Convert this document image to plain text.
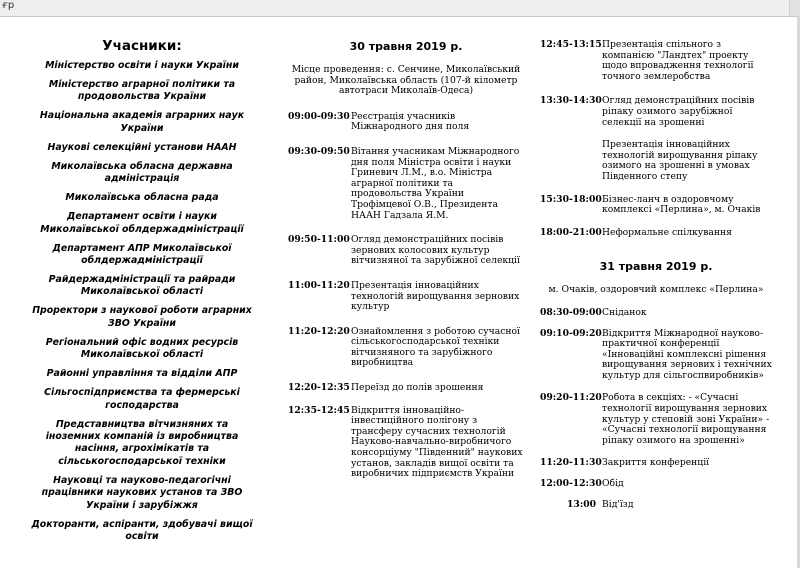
ғр
Учасники:
Міністерство освіти і науки України
Міністерство аграрної політики та продовольства України
Національна академія аграрних наук України
Наукові селекційні установи НААН
Миколаївська обласна державна адміністрація
Миколаївська обласна рада
Департамент освіти і науки Миколаївської облдержадміністрації
Департамент АПР Миколаївської облдержадміністрації
Райдержадміністрації та райради Миколаївської області
Проректори з наукової роботи аграрних ЗВО України
Регіональний офіс водних ресурсів Миколаївської області
Районні управління та відділи АПР
Сільгоспідприємства та фермерські господарства
Представництва вітчизняних та іноземних компаній із виробництва насіння, агрохімікатів та сільськогосподарської техніки
Науковці та науково-педагогічні працівники наукових установ та ЗВО України і зарубіжжя
Докторанти, аспіранти, здобувачі вищої освіти
30 травня 2019 р.
Місце проведення: с. Сенчине, Миколаївський район, Миколаївська область (107-й кілометр автотраси Миколаїв-Одеса)
09:00-09:30 Реєстрація учасників Міжнародного дня поля
09:30-09:50 Вітання учасникам Міжнародного дня поля Міністра освіти і науки Гриневич Л.М., в.о. Міністра аграрної політики та продовольства України Трофімцевої О.В., Президента НААН Гадзала Я.М.
09:50-11:00 Огляд демонстраційних посівів зернових колосових культур вітчизняної та зарубіжної селекції
11:00-11:20 Презентація інноваційних технологій вирощування зернових культур
11:20-12:20 Ознайомлення з роботою сучасної сільськогосподарської техніки вітчизняного та зарубіжного виробництва
12:20-12:35 Переїзд до полів зрошення
12:35-12:45 Відкриття інноваційно-інвестиційного полігону з трансферу сучасних технологій Науково-навчально-виробничого консорціуму "Південний" наукових установ, закладів вищої освіти та виробничих підприємств України
12:45-13:15 Презентація спільного з компанією "Ландтех" проекту щодо впровадження технології точного землеробства
13:30-14:30 Огляд демонстраційних посівів ріпаку озимого зарубіжної селекції на зрошенні
Презентація інноваційних технологій вирощування ріпаку озимого на зрошенні в умовах Південного степу
15:30-18:00 Бізнес-ланч в оздоровчому комплексі «Перлина», м. Очаків
18:00-21:00 Неформальне спілкування
31 травня 2019 р.
м. Очаків, оздоровчий комплекс «Перлина»
08:30-09:00 Сніданок
09:10-09:20 Відкриття Міжнародної науково-практичної конференції «Інноваційні комплексні рішення вирощування зернових і технічних культур для сільгоспвиробників»
09:20-11:20 Робота в секціях: - «Сучасні технології вирощування зернових культур у степовій зоні України» - «Сучасні технології вирощування ріпаку озимого на зрошенні»
11:20-11:30 Закриття конференції
12:00-12:30 Обід
13:00 Від'їзд
